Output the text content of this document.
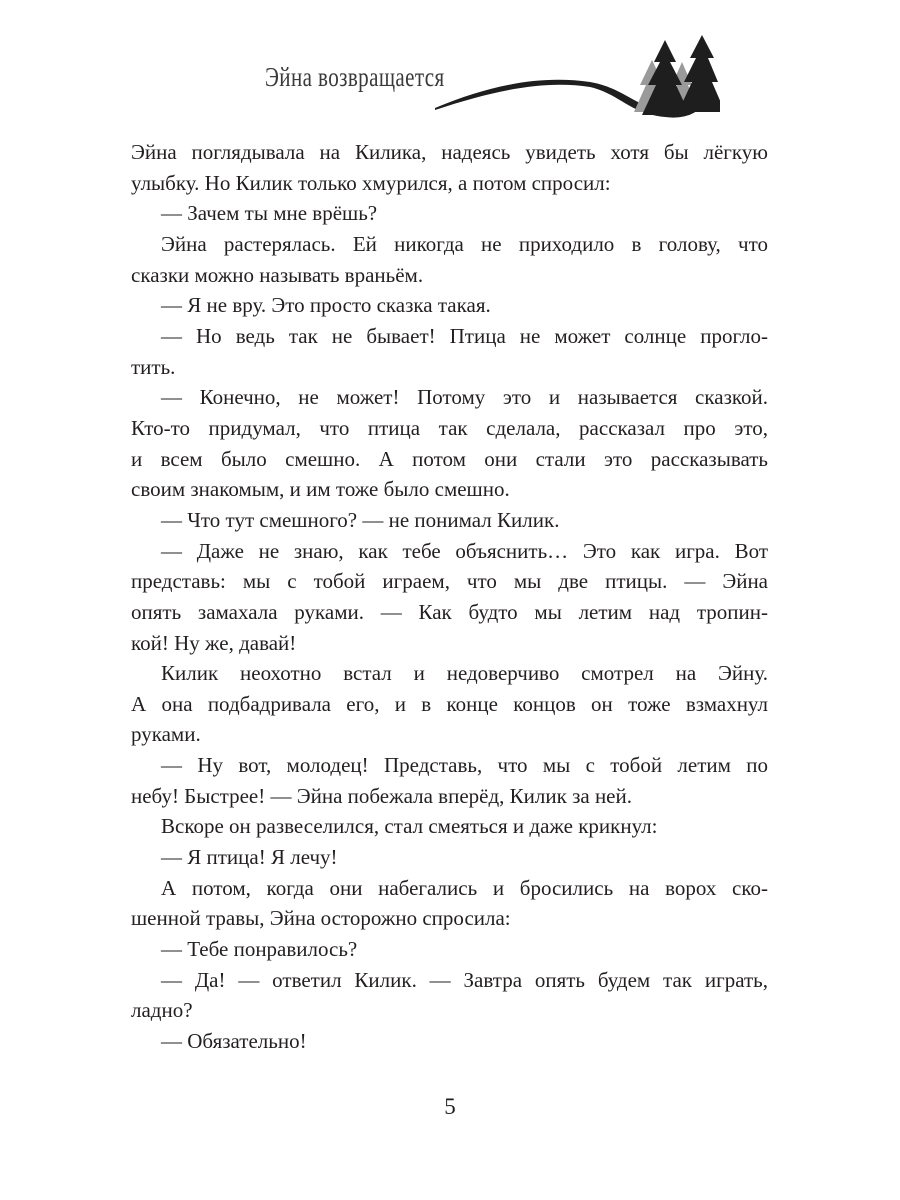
Эйна возвращается
Эйна поглядывала на Килика, надеясь увидеть хотя бы лёгкую
улыбку. Но Килик только хмурился, а потом спросил:
— Зачем ты мне врёшь?
Эйна растерялась. Ей никогда не приходило в голову, что
сказки можно называть враньём.
— Я не вру. Это просто сказка такая.
— Но ведь так не бывает! Птица не может солнце прогло-
тить.
— Конечно, не может! Потому это и называется сказкой.
Кто-то придумал, что птица так сделала, рассказал про это,
и всем было смешно. А потом они стали это рассказывать
своим знакомым, и им тоже было смешно.
— Что тут смешного? — не понимал Килик.
— Даже не знаю, как тебе объяснить… Это как игра. Вот
представь: мы с тобой играем, что мы две птицы. — Эйна
опять замахала руками. — Как будто мы летим над тропин-
кой! Ну же, давай!
Килик неохотно встал и недоверчиво смотрел на Эйну.
А она подбадривала его, и в конце концов он тоже взмахнул
руками.
— Ну вот, молодец! Представь, что мы с тобой летим по
небу! Быстрее! — Эйна побежала вперёд, Килик за ней.
Вскоре он развеселился, стал смеяться и даже крикнул:
— Я птица! Я лечу!
А потом, когда они набегались и бросились на ворох ско-
шенной травы, Эйна осторожно спросила:
— Тебе понравилось?
— Да! — ответил Килик. — Завтра опять будем так играть,
ладно?
— Обязательно!
5
